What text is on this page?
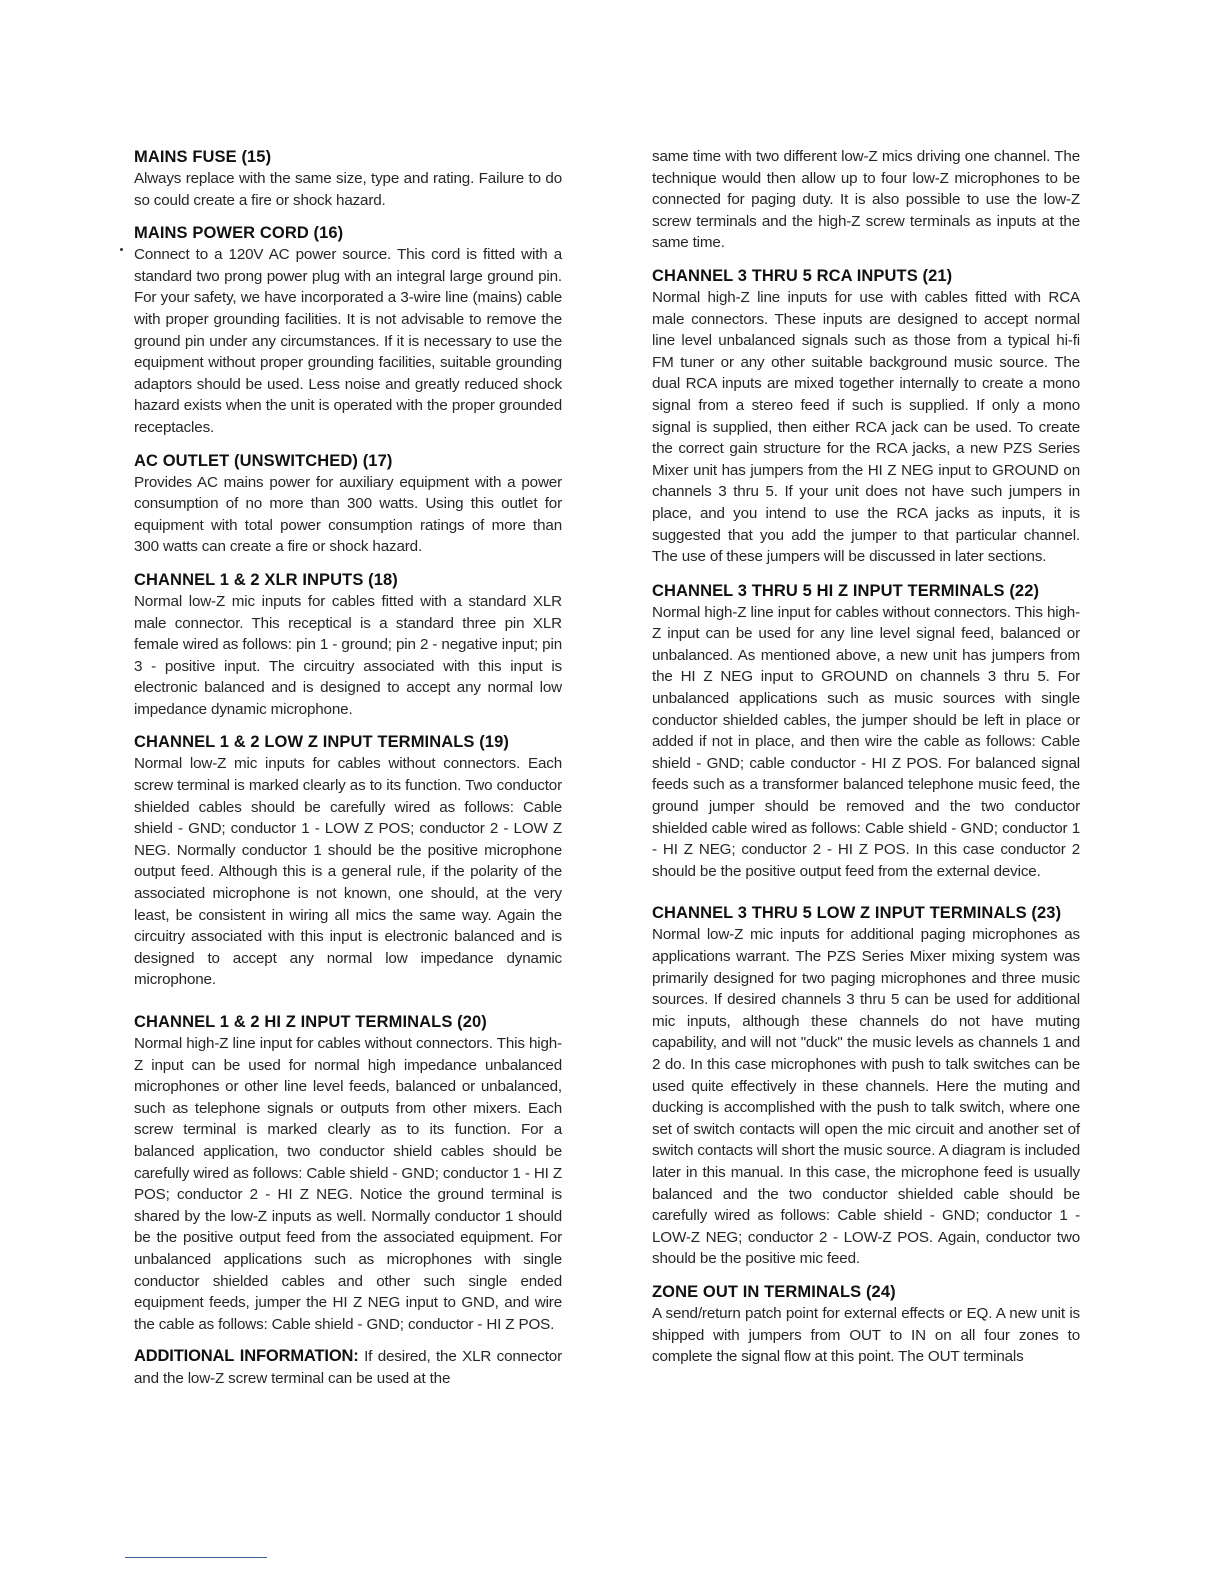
MAINS FUSE (15)

Always replace with the same size, type and rating. Failure to do so could create a fire or shock hazard.

MAINS POWER CORD (16)

Connect to a 120V AC power source. This cord is fitted with a standard two prong power plug with an integral large ground pin. For your safety, we have incorporated a 3-wire line (mains) cable with proper grounding facilities. It is not advisable to remove the ground pin under any circumstances. If it is necessary to use the equipment without proper grounding facilities, suitable grounding adaptors should be used. Less noise and greatly reduced shock hazard exists when the unit is operated with the proper grounded receptacles.

AC OUTLET (UNSWITCHED) (17)

Provides AC mains power for auxiliary equipment with a power consumption of no more than 300 watts. Using this outlet for equipment with total power consumption ratings of more than 300 watts can create a fire or shock hazard.

CHANNEL 1 & 2 XLR INPUTS (18)

Normal low-Z mic inputs for cables fitted with a standard XLR male connector. This receptical is a standard three pin XLR female wired as follows: pin 1 - ground; pin 2 - negative input; pin 3 - positive input. The circuitry associated with this input is electronic balanced and is designed to accept any normal low impedance dynamic microphone.

CHANNEL 1 & 2 LOW Z INPUT TERMINALS (19)

Normal low-Z mic inputs for cables without connectors. Each screw terminal is marked clearly as to its function. Two conductor shielded cables should be carefully wired as follows: Cable shield - GND; conductor 1 - LOW Z POS; conductor 2 - LOW Z NEG. Normally conductor 1 should be the positive microphone output feed. Although this is a general rule, if the polarity of the associated microphone is not known, one should, at the very least, be consistent in wiring all mics the same way. Again the circuitry associated with this input is electronic balanced and is designed to accept any normal low impedance dynamic microphone.

CHANNEL 1 & 2 HI Z INPUT TERMINALS (20)

Normal high-Z line input for cables without connectors. This high-Z input can be used for normal high impedance unbalanced microphones or other line level feeds, balanced or unbalanced, such as telephone signals or outputs from other mixers. Each screw terminal is marked clearly as to its function. For a balanced application, two conductor shield cables should be carefully wired as follows: Cable shield - GND; conductor 1 - HI Z POS; conductor 2 - HI Z NEG. Notice the ground terminal is shared by the low-Z inputs as well. Normally conductor 1 should be the positive output feed from the associated equipment. For unbalanced applications such as microphones with single conductor shielded cables and other such single ended equipment feeds, jumper the HI Z NEG input to GND, and wire the cable as follows: Cable shield - GND; conductor - HI Z POS.

ADDITIONAL INFORMATION: If desired, the XLR connector and the low-Z screw terminal can be used at the

same time with two different low-Z mics driving one channel. The technique would then allow up to four low-Z microphones to be connected for paging duty. It is also possible to use the low-Z screw terminals and the high-Z screw terminals as inputs at the same time.

CHANNEL 3 THRU 5 RCA INPUTS (21)

Normal high-Z line inputs for use with cables fitted with RCA male connectors. These inputs are designed to accept normal line level unbalanced signals such as those from a typical hi-fi FM tuner or any other suitable background music source. The dual RCA inputs are mixed together internally to create a mono signal from a stereo feed if such is supplied. If only a mono signal is supplied, then either RCA jack can be used. To create the correct gain structure for the RCA jacks, a new PZS Series Mixer unit has jumpers from the HI Z NEG input to GROUND on channels 3 thru 5. If your unit does not have such jumpers in place, and you intend to use the RCA jacks as inputs, it is suggested that you add the jumper to that particular channel. The use of these jumpers will be discussed in later sections.

CHANNEL 3 THRU 5 HI Z INPUT TERMINALS (22)

Normal high-Z line input for cables without connectors. This high-Z input can be used for any line level signal feed, balanced or unbalanced. As mentioned above, a new unit has jumpers from the HI Z NEG input to GROUND on channels 3 thru 5. For unbalanced applications such as music sources with single conductor shielded cables, the jumper should be left in place or added if not in place, and then wire the cable as follows: Cable shield - GND; cable conductor - HI Z POS. For balanced signal feeds such as a transformer balanced telephone music feed, the ground jumper should be removed and the two conductor shielded cable wired as follows: Cable shield - GND; conductor 1 - HI Z NEG; conductor 2 - HI Z POS. In this case conductor 2 should be the positive output feed from the external device.

CHANNEL 3 THRU 5 LOW Z INPUT TERMINALS (23)

Normal low-Z mic inputs for additional paging microphones as applications warrant. The PZS Series Mixer mixing system was primarily designed for two paging microphones and three music sources. If desired channels 3 thru 5 can be used for additional mic inputs, although these channels do not have muting capability, and will not "duck" the music levels as channels 1 and 2 do. In this case microphones with push to talk switches can be used quite effectively in these channels. Here the muting and ducking is accomplished with the push to talk switch, where one set of switch contacts will open the mic circuit and another set of switch contacts will short the music source. A diagram is included later in this manual. In this case, the microphone feed is usually balanced and the two conductor shielded cable should be carefully wired as follows: Cable shield - GND; conductor 1 - LOW-Z NEG; conductor 2 - LOW-Z POS. Again, conductor two should be the positive mic feed.

ZONE OUT IN TERMINALS (24)

A send/return patch point for external effects or EQ. A new unit is shipped with jumpers from OUT to IN on all four zones to complete the signal flow at this point. The OUT terminals
